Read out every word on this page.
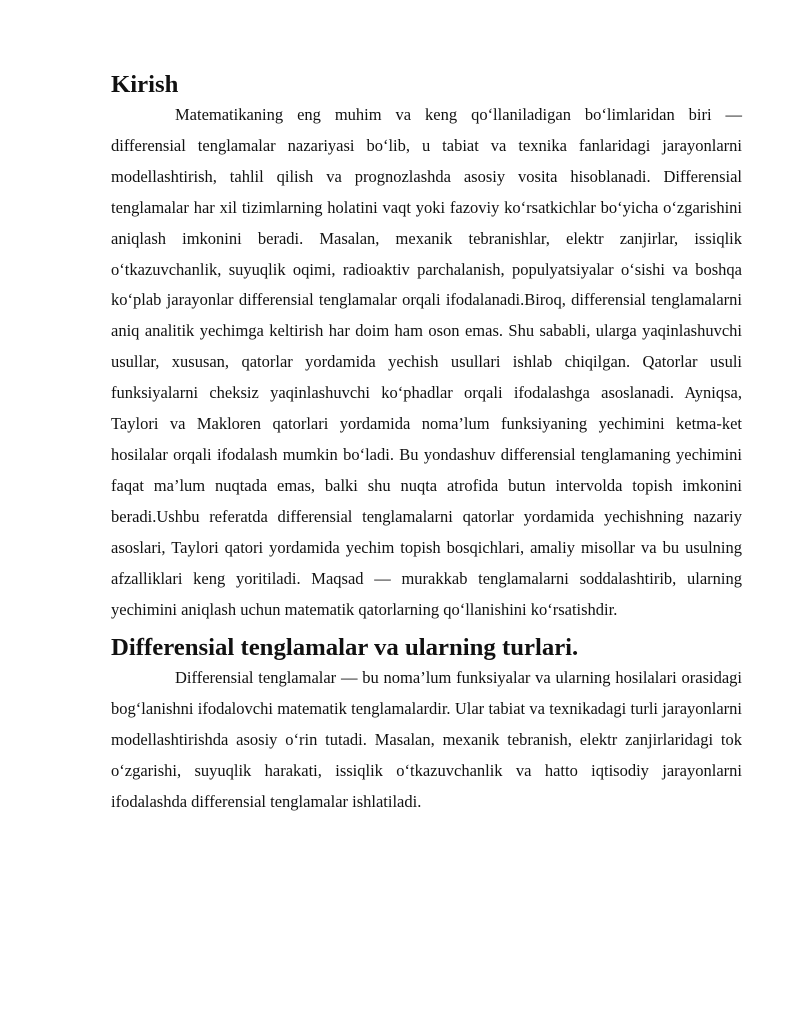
Kirish

Matematikaning eng muhim va keng qo‘llaniladigan bo‘limlaridan biri — differensial tenglamalar nazariyasi bo‘lib, u tabiat va texnika fanlaridagi jarayonlarni modellashtirish, tahlil qilish va prognozlashda asosiy vosita hisoblanadi. Differensial tenglamalar har xil tizimlarning holatini vaqt yoki fazoviy ko‘rsatkichlar bo‘yicha o‘zgarishini aniqlash imkonini beradi. Masalan, mexanik tebranishlar, elektr zanjirlar, issiqlik o‘tkazuvchanlik, suyuqlik oqimi, radioaktiv parchalanish, populyatsiyalar o‘sishi va boshqa ko‘plab jarayonlar differensial tenglamalar orqali ifodalanadi.Biroq, differensial tenglamalarni aniq analitik yechimga keltirish har doim ham oson emas. Shu sababli, ularga yaqinlashuvchi usullar, xususan, qatorlar yordamida yechish usullari ishlab chiqilgan. Qatorlar usuli funksiyalarni cheksiz yaqinlashuvchi ko‘phadlar orqali ifodalashga asoslanadi. Ayniqsa, Taylori va Makloren qatorlari yordamida noma’lum funksiyaning yechimini ketma-ket hosilalar orqali ifodalash mumkin bo‘ladi. Bu yondashuv differensial tenglamaning yechimini faqat ma’lum nuqtada emas, balki shu nuqta atrofida butun intervolda topish imkonini beradi.Ushbu referatda differensial tenglamalarni qatorlar yordamida yechishning nazariy asoslari, Taylori qatori yordamida yechim topish bosqichlari, amaliy misollar va bu usulning afzalliklari keng yoritiladi. Maqsad — murakkab tenglamalarni soddalashtirib, ularning yechimini aniqlash uchun matematik qatorlarning qo‘llanishini ko‘rsatishdir.

Differensial tenglamalar va ularning turlari.

Differensial tenglamalar — bu noma’lum funksiyalar va ularning hosilalari orasidagi bog‘lanishni ifodalovchi matematik tenglamalardir. Ular tabiat va texnikadagi turli jarayonlarni modellashtirishda asosiy o‘rin tutadi. Masalan, mexanik tebranish, elektr zanjirlaridagi tok o‘zgarishi, suyuqlik harakati, issiqlik o‘tkazuvchanlik va hatto iqtisodiy jarayonlarni ifodalashda differensial tenglamalar ishlatiladi.
